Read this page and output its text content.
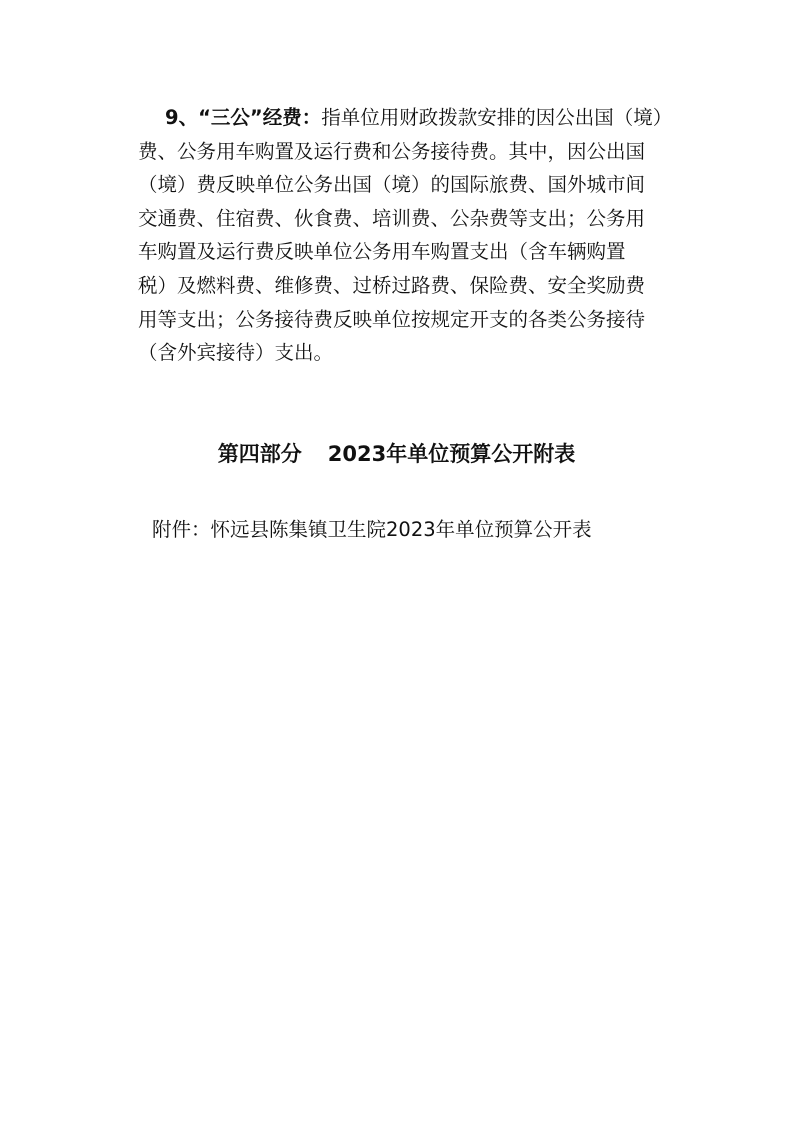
9、“三公”经费：指单位用财政拨款安排的因公出国（境）
费、公务用车购置及运行费和公务接待费。其中，因公出国
（境）费反映单位公务出国（境）的国际旅费、国外城市间
交通费、住宿费、伙食费、培训费、公杂费等支出；公务用
车购置及运行费反映单位公务用车购置支出（含车辆购置
税）及燃料费、维修费、过桥过路费、保险费、安全奖励费
用等支出；公务接待费反映单位按规定开支的各类公务接待
（含外宾接待）支出。
第四部分 2023年单位预算公开附表
附件：怀远县陈集镇卫生院2023年单位预算公开表
